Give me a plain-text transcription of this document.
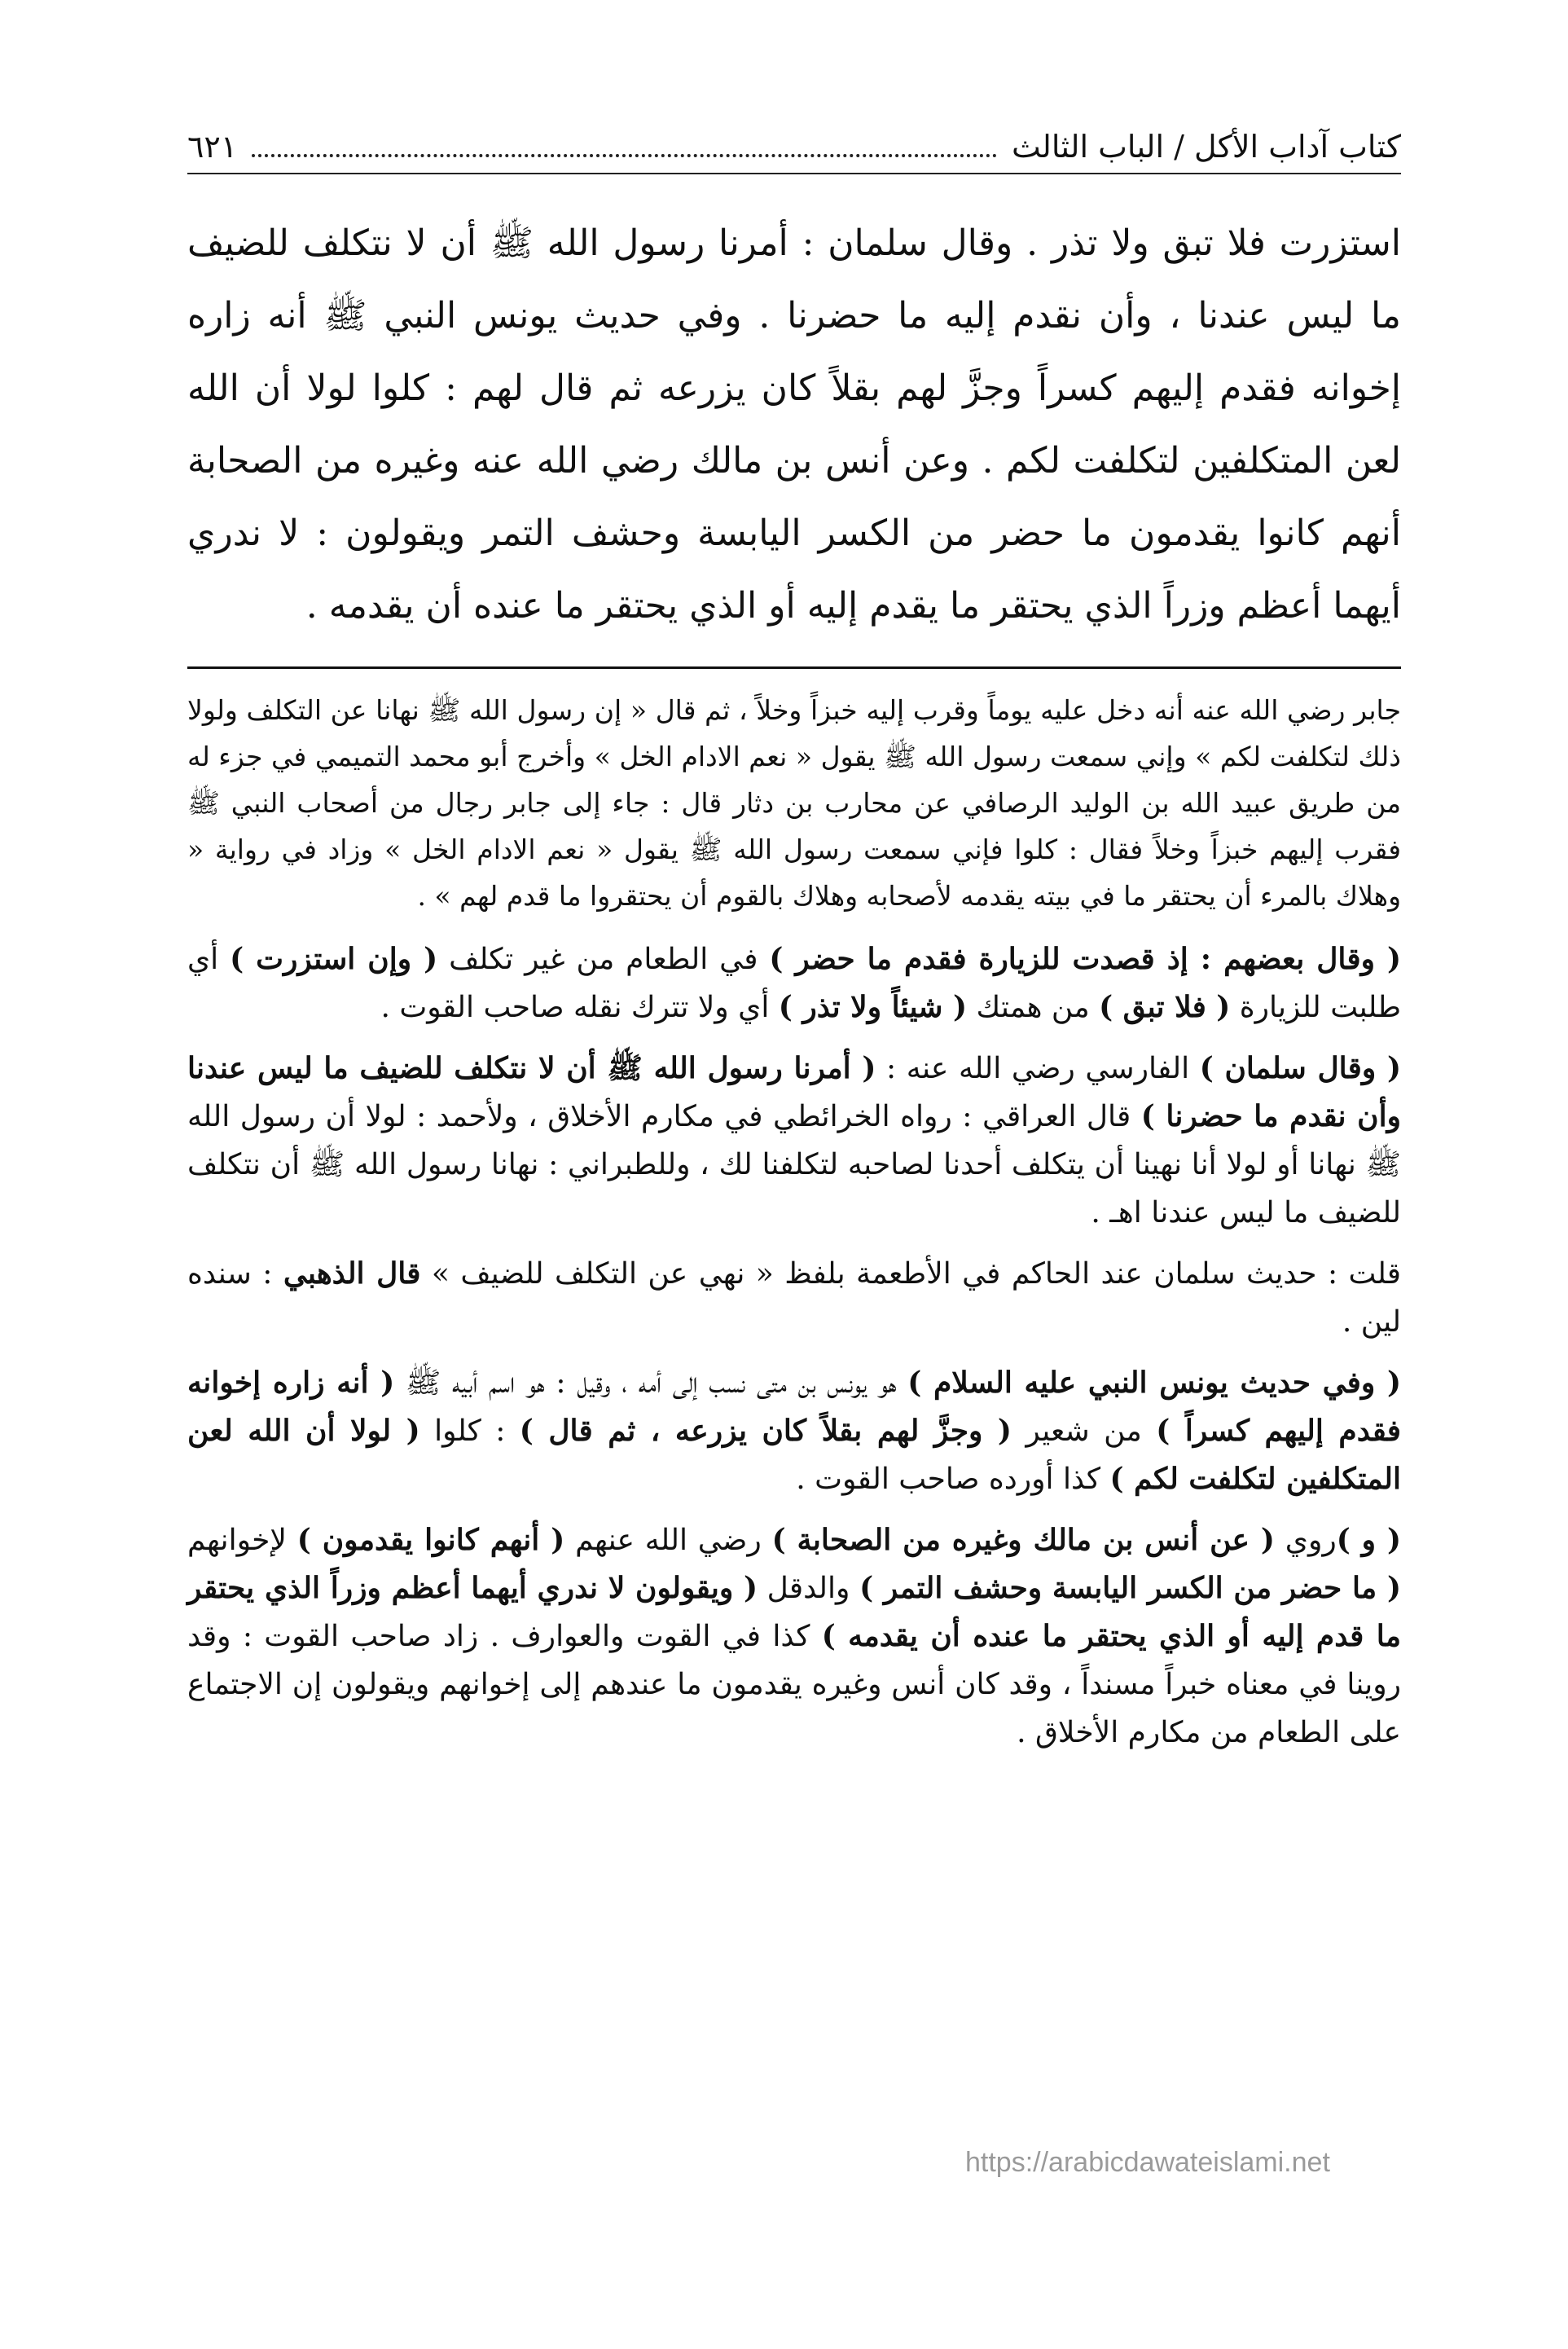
كتاب آداب الأكل / الباب الثالث
٦٢١

استزرت فلا تبق ولا تذر . وقال سلمان : أمرنا رسول الله ﷺ أن لا نتكلف للضيف ما ليس عندنا ، وأن نقدم إليه ما حضرنا . وفي حديث يونس النبي ﷺ أنه زاره إخوانه فقدم إليهم كسراً وجزَّ لهم بقلاً كان يزرعه ثم قال لهم : كلوا لولا أن الله لعن المتكلفين لتكلفت لكم . وعن أنس بن مالك رضي الله عنه وغيره من الصحابة أنهم كانوا يقدمون ما حضر من الكسر اليابسة وحشف التمر ويقولون : لا ندري أيهما أعظم وزراً الذي يحتقر ما يقدم إليه أو الذي يحتقر ما عنده أن يقدمه .

جابر رضي الله عنه أنه دخل عليه يوماً وقرب إليه خبزاً وخلاً ، ثم قال « إن رسول الله ﷺ نهانا عن التكلف ولولا ذلك لتكلفت لكم » وإني سمعت رسول الله ﷺ يقول « نعم الادام الخل » وأخرج أبو محمد التميمي في جزء له من طريق عبيد الله بن الوليد الرصافي عن محارب بن دثار قال : جاء إلى جابر رجال من أصحاب النبي ﷺ فقرب إليهم خبزاً وخلاً فقال : كلوا فإني سمعت رسول الله ﷺ يقول « نعم الادام الخل » وزاد في رواية « وهلاك بالمرء أن يحتقر ما في بيته يقدمه لأصحابه وهلاك بالقوم أن يحتقروا ما قدم لهم » .

( وقال بعضهم : إذ قصدت للزيارة فقدم ما حضر ) في الطعام من غير تكلف ( وإن استزرت ) أي طلبت للزيارة ( فلا تبق ) من همتك ( شيئاً ولا تذر ) أي ولا تترك نقله صاحب القوت .

( وقال سلمان ) الفارسي رضي الله عنه : ( أمرنا رسول الله ﷺ أن لا نتكلف للضيف ما ليس عندنا وأن نقدم ما حضرنا ) قال العراقي : رواه الخرائطي في مكارم الأخلاق ، ولأحمد : لولا أن رسول الله ﷺ نهانا أو لولا أنا نهينا أن يتكلف أحدنا لصاحبه لتكلفنا لك ، وللطبراني : نهانا رسول الله ﷺ أن نتكلف للضيف ما ليس عندنا اهـ .

قلت : حديث سلمان عند الحاكم في الأطعمة بلفظ « نهي عن التكلف للضيف » قال الذهبي : سنده لين .

( وفي حديث يونس النبي عليه السلام ) هو يونس بن متى نسب إلى أمه ، وقيل : هو اسم أبيه ﷺ ( أنه زاره إخوانه فقدم إليهم كسراً ) من شعير ( وجزَّ لهم بقلاً كان يزرعه ، ثم قال ) : كلوا ( لولا أن الله لعن المتكلفين لتكلفت لكم ) كذا أورده صاحب القوت .

( و )روي ( عن أنس بن مالك وغيره من الصحابة ) رضي الله عنهم ( أنهم كانوا يقدمون ) لإخوانهم ( ما حضر من الكسر اليابسة وحشف التمر ) والدقل ( ويقولون لا ندري أيهما أعظم وزراً الذي يحتقر ما قدم إليه أو الذي يحتقر ما عنده أن يقدمه ) كذا في القوت والعوارف . زاد صاحب القوت : وقد روينا في معناه خبراً مسنداً ، وقد كان أنس وغيره يقدمون ما عندهم إلى إخوانهم ويقولون إن الاجتماع على الطعام من مكارم الأخلاق .

https://arabicdawateislami.net
